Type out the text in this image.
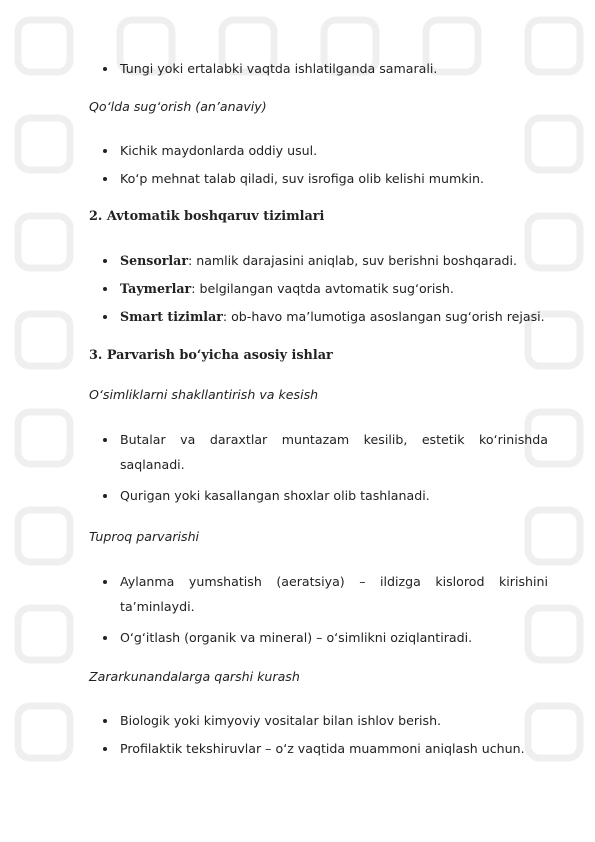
Tungi yoki ertalabki vaqtda ishlatilganda samarali.
Qo‘lda sug‘orish (an’anaviy)
Kichik maydonlarda oddiy usul.
Ko‘p mehnat talab qiladi, suv isrofiga olib kelishi mumkin.
2. Avtomatik boshqaruv tizimlari
Sensorlar: namlik darajasini aniqlab, suv berishni boshqaradi.
Taymerlar: belgilangan vaqtda avtomatik sug‘orish.
Smart tizimlar: ob-havo ma’lumotiga asoslangan sug‘orish rejasi.
3. Parvarish bo‘yicha asosiy ishlar
O‘simliklarni shakllantirish va kesish
Butalar va daraxtlar muntazam kesilib, estetik ko‘rinishda
saqlanadi.
Qurigan yoki kasallangan shoxlar olib tashlanadi.
Tuproq parvarishi
Aylanma yumshatish (aeratsiya) – ildizga kislorod kirishini
ta’minlaydi.
O‘g‘itlash (organik va mineral) – o‘simlikni oziqlantiradi.
Zararkunandalarga qarshi kurash
Biologik yoki kimyoviy vositalar bilan ishlov berish.
Profilaktik tekshiruvlar – o‘z vaqtida muammoni aniqlash uchun.
